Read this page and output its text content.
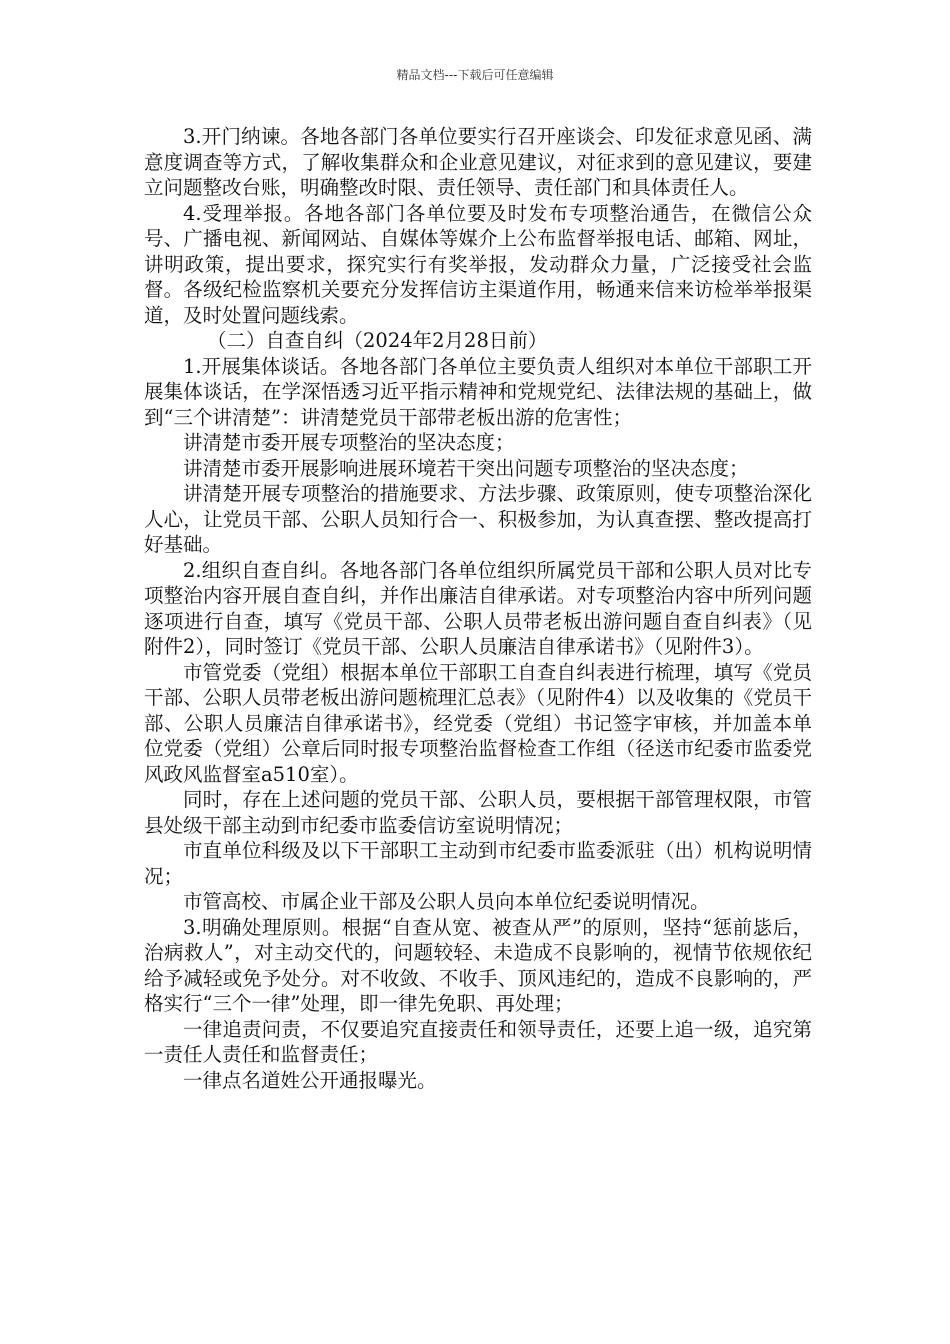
精品文档---下载后可任意编辑

3.开门纳谏。各地各部门各单位要实行召开座谈会、印发征求意见函、满意度调查等方式，了解收集群众和企业意见建议，对征求到的意见建议，要建立问题整改台账，明确整改时限、责任领导、责任部门和具体责任人。

4.受理举报。各地各部门各单位要及时发布专项整治通告，在微信公众号、广播电视、新闻网站、自媒体等媒介上公布监督举报电话、邮箱、网址，讲明政策，提出要求，探究实行有奖举报，发动群众力量，广泛接受社会监督。各级纪检监察机关要充分发挥信访主渠道作用，畅通来信来访检举举报渠道，及时处置问题线索。

（二）自查自纠（2024年2月28日前）

1.开展集体谈话。各地各部门各单位主要负责人组织对本单位干部职工开展集体谈话，在学深悟透习近平指示精神和党规党纪、法律法规的基础上，做到“三个讲清楚”：讲清楚党员干部带老板出游的危害性；

讲清楚市委开展专项整治的坚决态度；

讲清楚市委开展影响进展环境若干突出问题专项整治的坚决态度；

讲清楚开展专项整治的措施要求、方法步骤、政策原则，使专项整治深化人心，让党员干部、公职人员知行合一、积极参加，为认真查摆、整改提高打好基础。

2.组织自查自纠。各地各部门各单位组织所属党员干部和公职人员对比专项整治内容开展自查自纠，并作出廉洁自律承诺。对专项整治内容中所列问题逐项进行自查，填写《党员干部、公职人员带老板出游问题自查自纠表》（见附件2），同时签订《党员干部、公职人员廉洁自律承诺书》（见附件3）。

市管党委（党组）根据本单位干部职工自查自纠表进行梳理，填写《党员干部、公职人员带老板出游问题梳理汇总表》（见附件4）以及收集的《党员干部、公职人员廉洁自律承诺书》，经党委（党组）书记签字审核，并加盖本单位党委（党组）公章后同时报专项整治监督检查工作组（径送市纪委市监委党风政风监督室a510室）。

同时，存在上述问题的党员干部、公职人员，要根据干部管理权限，市管县处级干部主动到市纪委市监委信访室说明情况；

市直单位科级及以下干部职工主动到市纪委市监委派驻（出）机构说明情况；

市管高校、市属企业干部及公职人员向本单位纪委说明情况。

3.明确处理原则。根据“自查从宽、被查从严”的原则，坚持“惩前毖后，治病救人”，对主动交代的，问题较轻、未造成不良影响的，视情节依规依纪给予减轻或免予处分。对不收敛、不收手、顶风违纪的，造成不良影响的，严格实行“三个一律”处理，即一律先免职、再处理；

一律追责问责，不仅要追究直接责任和领导责任，还要上追一级，追究第一责任人责任和监督责任；

一律点名道姓公开通报曝光。
